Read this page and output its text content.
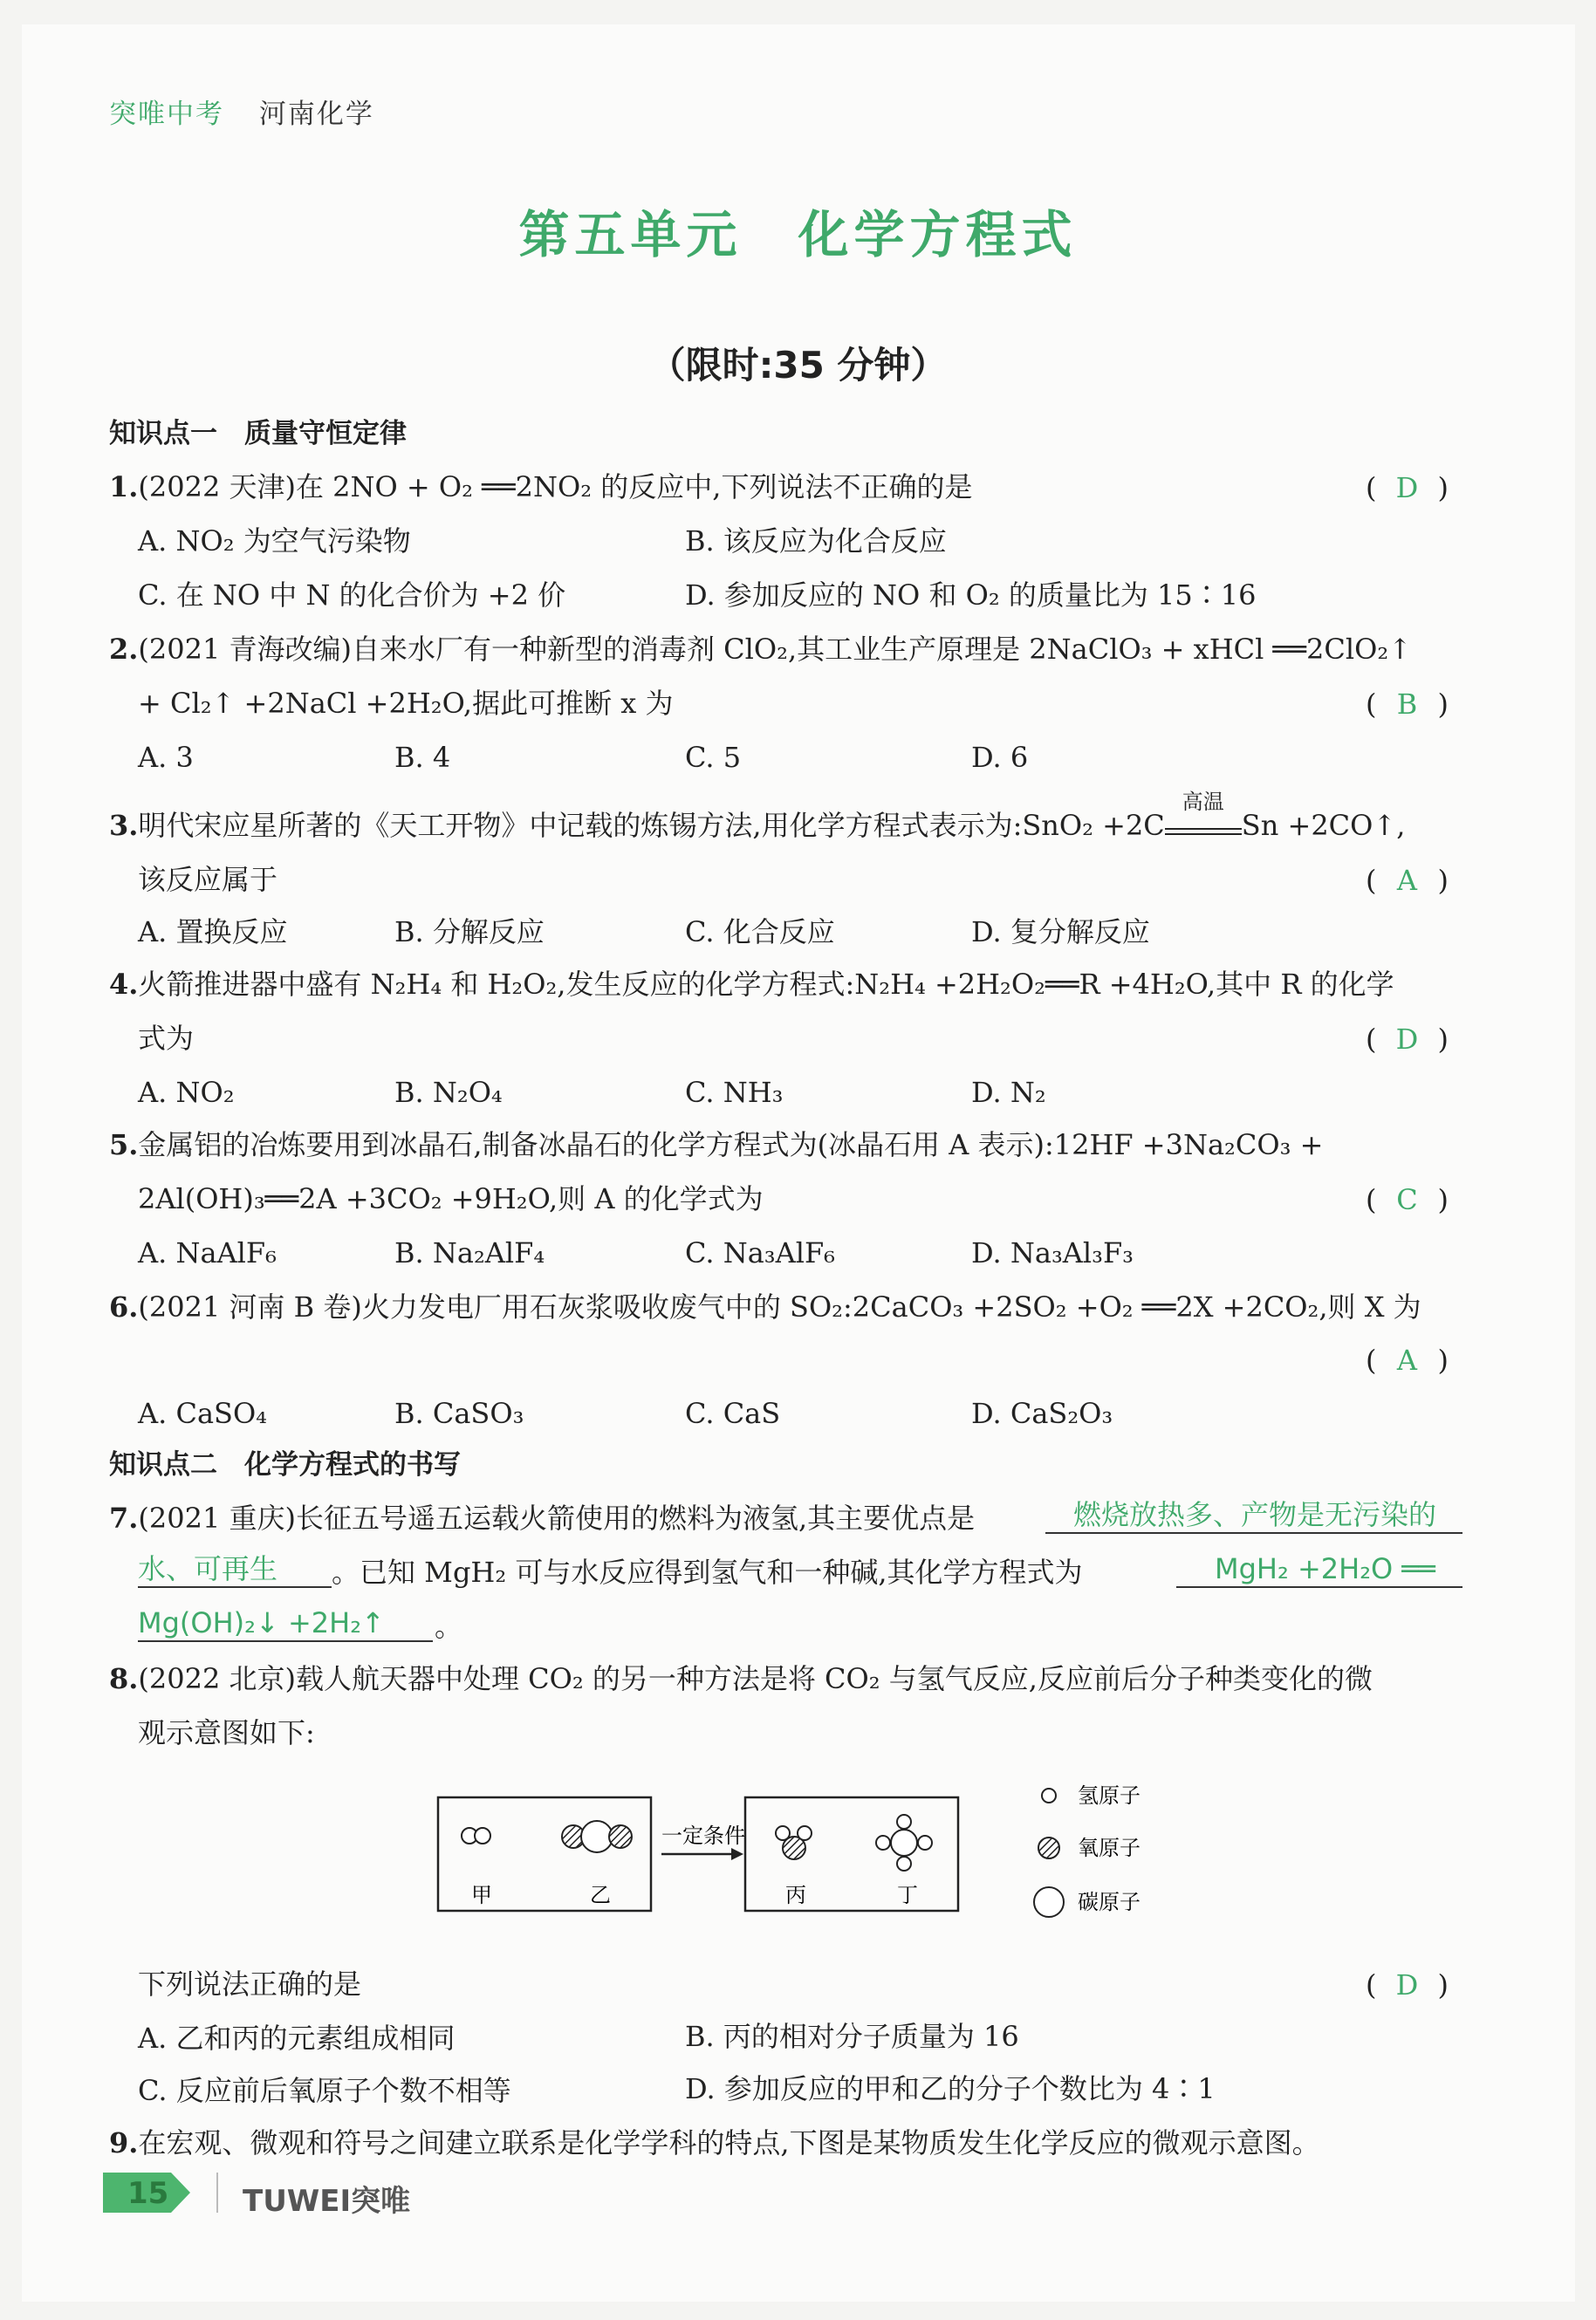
突唯中考 河南化学
第五单元　化学方程式
（限时:35 分钟）
知识点一　质量守恒定律
1.(2022 天津)在 2NO + O₂ ══2NO₂ 的反应中,下列说法不正确的是	( D )
A. NO₂ 为空气污染物	B. 该反应为化合反应
C. 在 NO 中 N 的化合价为 +2 价	D. 参加反应的 NO 和 O₂ 的质量比为 15∶16
2.(2021 青海改编)自来水厂有一种新型的消毒剂 ClO₂,其工业生产原理是 2NaClO₃ + xHCl ══2ClO₂↑
+ Cl₂↑ +2NaCl +2H₂O,据此可推断 x 为	( B )
A. 3	B. 4	C. 5	D. 6
3.明代宋应星所著的《天工开物》中记载的炼锡方法,用化学方程式表示为:SnO₂ +2C
高温
Sn +2CO↑,
该反应属于	( A )
A. 置换反应	B. 分解反应	C. 化合反应	D. 复分解反应
4.火箭推进器中盛有 N₂H₄ 和 H₂O₂,发生反应的化学方程式:N₂H₄ +2H₂O₂══R +4H₂O,其中 R 的化学
式为	( D )
A. NO₂	B. N₂O₄	C. NH₃	D. N₂
5.金属铝的冶炼要用到冰晶石,制备冰晶石的化学方程式为(冰晶石用 A 表示):12HF +3Na₂CO₃ +
2Al(OH)₃══2A +3CO₂ +9H₂O,则 A 的化学式为	( C )
A. NaAlF₆	B. Na₂AlF₄	C. Na₃AlF₆	D. Na₃Al₃F₃
6.(2021 河南 B 卷)火力发电厂用石灰浆吸收废气中的 SO₂:2CaCO₃ +2SO₂ +O₂ ══2X +2CO₂,则 X 为
( A )
A. CaSO₄	B. CaSO₃	C. CaS	D. CaS₂O₃
知识点二　化学方程式的书写
7.(2021 重庆)长征五号遥五运载火箭使用的燃料为液氢,其主要优点是	燃烧放热多、产物是无污染的
水、可再生 。已知 MgH₂ 可与水反应得到氢气和一种碱,其化学方程式为	MgH₂ +2H₂O ══
Mg(OH)₂↓ +2H₂↑ 。
8.(2022 北京)载人航天器中处理 CO₂ 的另一种方法是将 CO₂ 与氢气反应,反应前后分子种类变化的微
观示意图如下:
甲	乙
一定条件
丙	丁
氢原子
氧原子
碳原子
下列说法正确的是	( D )
A. 乙和丙的元素组成相同	B. 丙的相对分子质量为 16
C. 反应前后氧原子个数不相等	D. 参加反应的甲和乙的分子个数比为 4∶1
9.在宏观、微观和符号之间建立联系是化学学科的特点,下图是某物质发生化学反应的微观示意图。
15 TUWEI突唯
